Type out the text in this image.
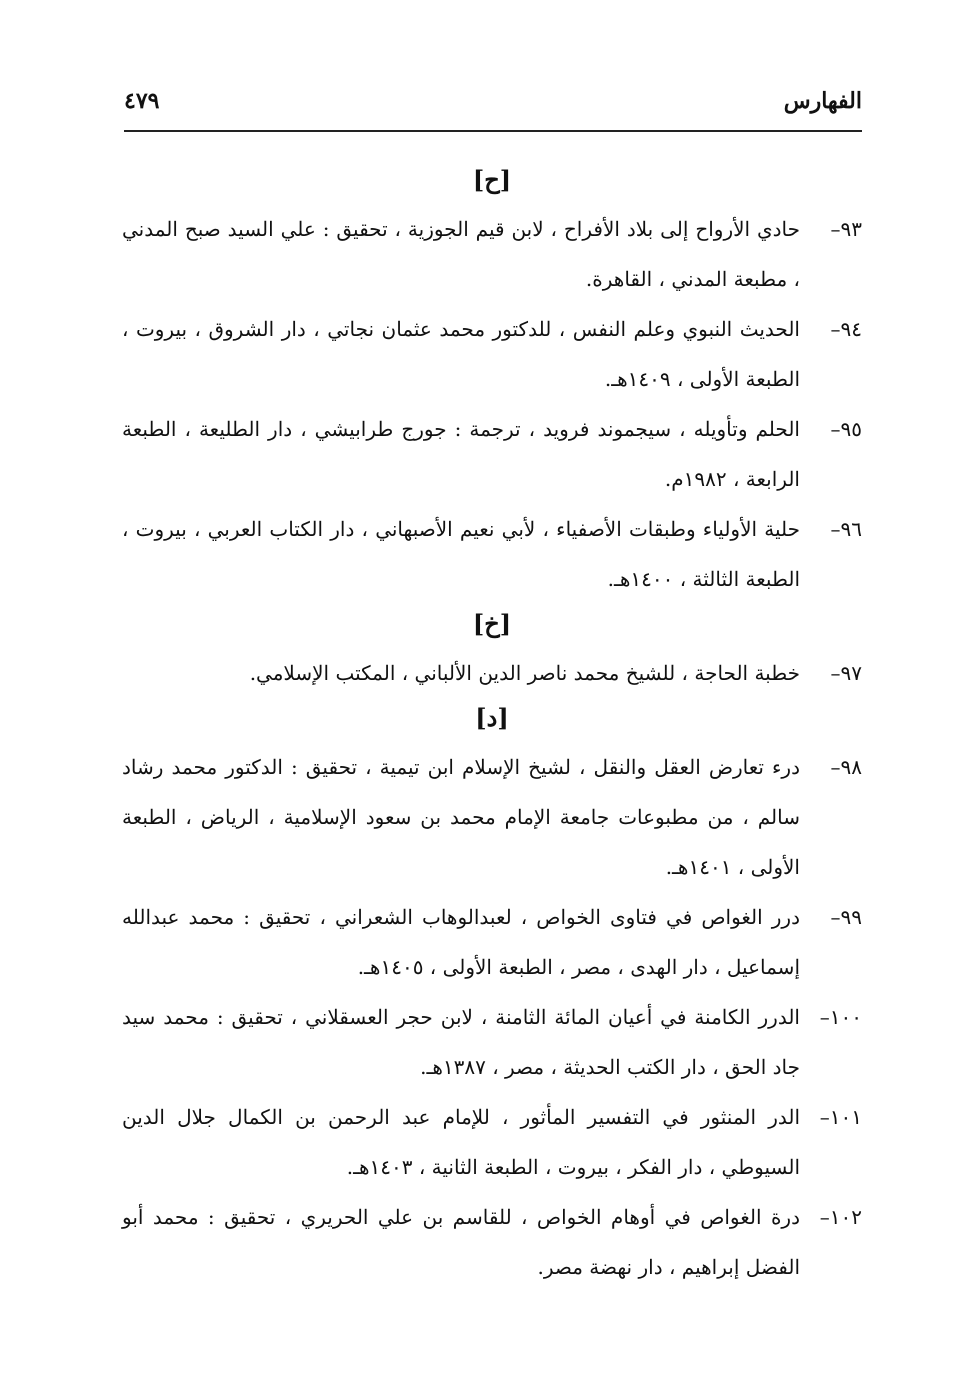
الفهارس
٤٧٩
[ح]
٩٣–
حادي الأرواح إلى بلاد الأفراح ، لابن قيم الجوزية ، تحقيق : علي السيد صبح المدني ، مطبعة المدني ، القاهرة.
٩٤–
الحديث النبوي وعلم النفس ، للدكتور محمد عثمان نجاتي ، دار الشروق ، بيروت ، الطبعة الأولى ، ١٤٠٩هـ.
٩٥–
الحلم وتأويله ، سيجموند فرويد ، ترجمة : جورج طرابيشي ، دار الطليعة ، الطبعة الرابعة ، ١٩٨٢م.
٩٦–
حلية الأولياء وطبقات الأصفياء ، لأبي نعيم الأصبهاني ، دار الكتاب العربي ، بيروت ، الطبعة الثالثة ، ١٤٠٠هـ.
[خ]
٩٧–
خطبة الحاجة ، للشيخ محمد ناصر الدين الألباني ، المكتب الإسلامي.
[د]
٩٨–
درء تعارض العقل والنقل ، لشيخ الإسلام ابن تيمية ، تحقيق : الدكتور محمد رشاد سالم ، من مطبوعات جامعة الإمام محمد بن سعود الإسلامية ، الرياض ، الطبعة الأولى ، ١٤٠١هـ.
٩٩–
درر الغواص في فتاوى الخواص ، لعبدالوهاب الشعراني ، تحقيق : محمد عبدالله إسماعيل ، دار الهدى ، مصر ، الطبعة الأولى ، ١٤٠٥هـ.
١٠٠–
الدرر الكامنة في أعيان المائة الثامنة ، لابن حجر العسقلاني ، تحقيق : محمد سيد جاد الحق ، دار الكتب الحديثة ، مصر ، ١٣٨٧هـ.
١٠١–
الدر المنثور في التفسير المأثور ، للإمام عبد الرحمن بن الكمال جلال الدين السيوطي ، دار الفكر ، بيروت ، الطبعة الثانية ، ١٤٠٣هـ.
١٠٢–
درة الغواص في أوهام الخواص ، للقاسم بن علي الحريري ، تحقيق : محمد أبو الفضل إبراهيم ، دار نهضة مصر.
